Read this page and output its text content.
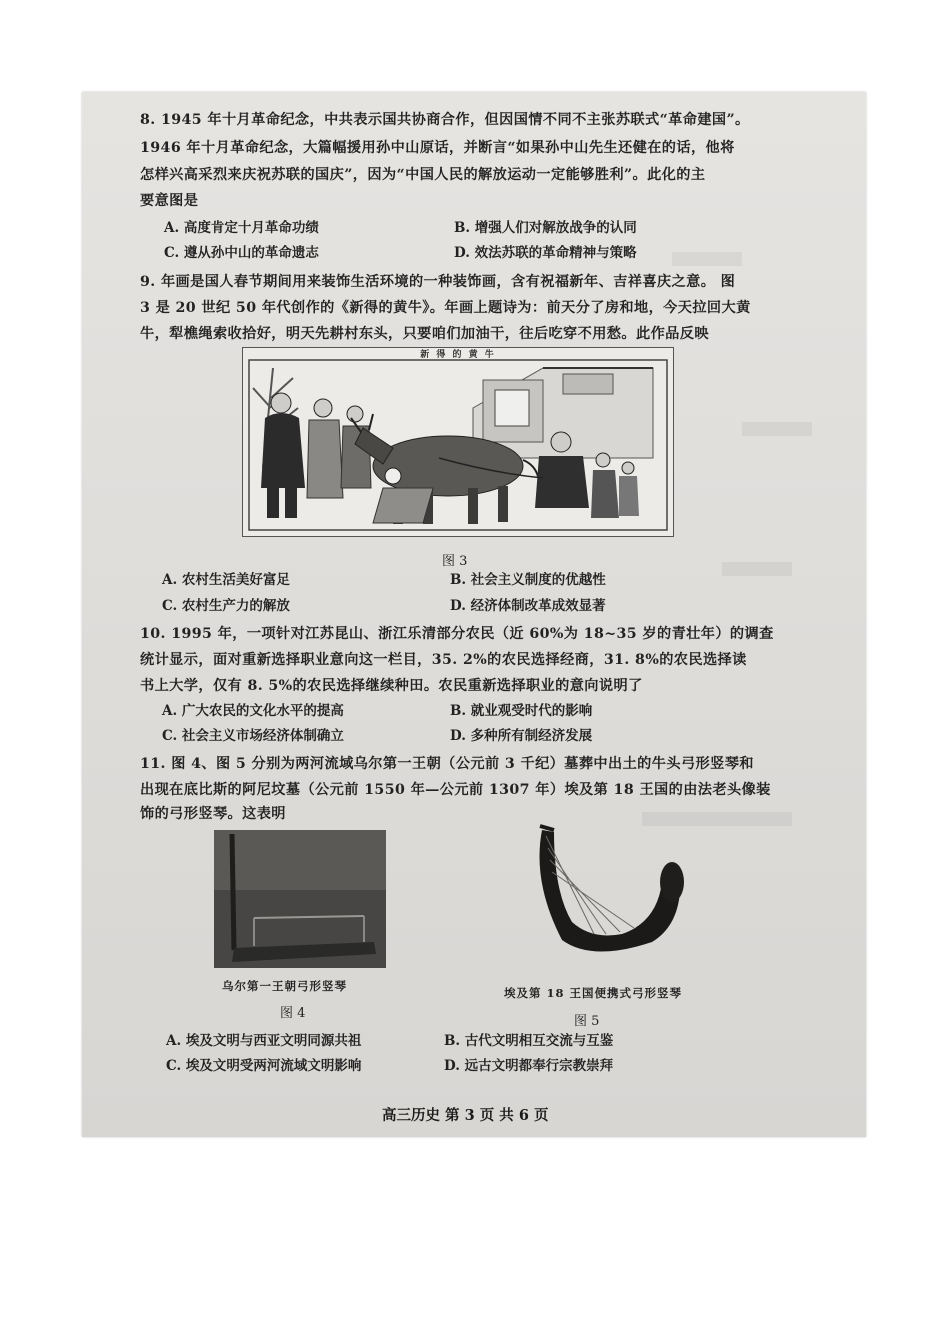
8. 1945 年十月革命纪念，中共表示国共协商合作，但因国情不同不主张苏联式“革命建国”。
1946 年十月革命纪念，大篇幅援用孙中山原话，并断言“如果孙中山先生还健在的话，他将
怎样兴高采烈来庆祝苏联的国庆”，因为“中国人民的解放运动一定能够胜利”。此化的主
要意图是
A. 高度肯定十月革命功绩	B. 增强人们对解放战争的认同
C. 遵从孙中山的革命遗志	D. 效法苏联的革命精神与策略
9. 年画是国人春节期间用来装饰生活环境的一种装饰画，含有祝福新年、吉祥喜庆之意。 图
3 是 20 世纪 50 年代创作的《新得的黄牛》。年画上题诗为：前天分了房和地，今天拉回大黄
牛，犁樵绳索收拾好，明天先耕村东头，只要咱们加油干，往后吃穿不用愁。此作品反映
新 得 的 黄 牛
图 3
A. 农村生活美好富足	B. 社会主义制度的优越性
C. 农村生产力的解放	D. 经济体制改革成效显著
10. 1995 年，一项针对江苏昆山、浙江乐清部分农民（近 60%为 18~35 岁的青壮年）的调查
统计显示，面对重新选择职业意向这一栏目，35. 2%的农民选择经商，31. 8%的农民选择读
书上大学，仅有 8. 5%的农民选择继续种田。农民重新选择职业的意向说明了
A. 广大农民的文化水平的提高	B. 就业观受时代的影响
C. 社会主义市场经济体制确立	D. 多种所有制经济发展
11. 图 4、图 5 分别为两河流域乌尔第一王朝（公元前 3 千纪）墓葬中出土的牛头弓形竖琴和
出现在底比斯的阿尼坟墓（公元前 1550 年—公元前 1307 年）埃及第 18 王国的由法老头像装
饰的弓形竖琴。这表明
乌尔第一王朝弓形竖琴
图 4
埃及第 18 王国便携式弓形竖琴
图 5
A. 埃及文明与西亚文明同源共祖	B. 古代文明相互交流与互鉴
C. 埃及文明受两河流域文明影响	D. 远古文明都奉行宗教崇拜
高三历史 第 3 页 共 6 页
